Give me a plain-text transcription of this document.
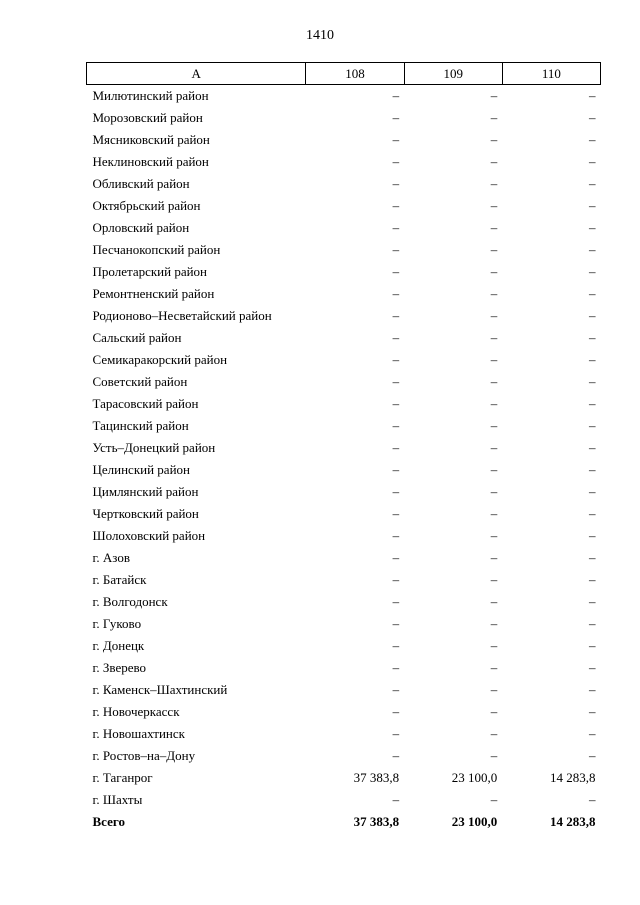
1410
А	108	109	110
Милютинский район	–	–	–
Морозовский район	–	–	–
Мясниковский район	–	–	–
Неклиновский район	–	–	–
Обливский район	–	–	–
Октябрьский район	–	–	–
Орловский район	–	–	–
Песчанокопский район	–	–	–
Пролетарский район	–	–	–
Ремонтненский район	–	–	–
Родионово–Несветайский район	–	–	–
Сальский район	–	–	–
Семикаракорский район	–	–	–
Советский район	–	–	–
Тарасовский район	–	–	–
Тацинский район	–	–	–
Усть–Донецкий район	–	–	–
Целинский район	–	–	–
Цимлянский район	–	–	–
Чертковский район	–	–	–
Шолоховский район	–	–	–
г. Азов	–	–	–
г. Батайск	–	–	–
г. Волгодонск	–	–	–
г. Гуково	–	–	–
г. Донецк	–	–	–
г. Зверево	–	–	–
г. Каменск–Шахтинский	–	–	–
г. Новочеркасск	–	–	–
г. Новошахтинск	–	–	–
г. Ростов–на–Дону	–	–	–
г. Таганрог	37 383,8	23 100,0	14 283,8
г. Шахты	–	–	–
Всего	37 383,8	23 100,0	14 283,8
